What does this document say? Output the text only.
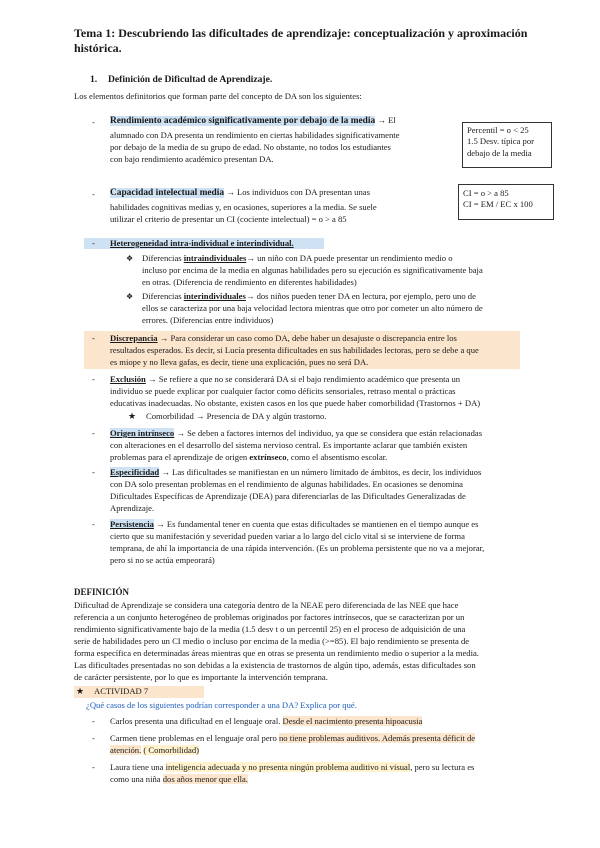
Tema 1: Descubriendo las dificultades de aprendizaje: conceptualización y aproximación
histórica.
1. Definición de Dificultad de Aprendizaje.
Los elementos definitorios que forman parte del concepto de DA son los siguientes:
- Rendimiento académico significativamente por debajo de la media → El
alumnado con DA presenta un rendimiento en ciertas habilidades significativamente
por debajo de la media de su grupo de edad. No obstante, no todos los estudiantes
con bajo rendimiento académico presentan DA.
Percentil = o < 25
1.5 Desv. típica por
debajo de la media
- Capacidad intelectual media → Los individuos con DA presentan unas
habilidades cognitivas medias y, en ocasiones, superiores a la media. Se suele
utilizar el criterio de presentar un CI (cociente intelectual) = o > a 85
CI = o > a 85
CI = EM / EC x 100
- Heterogeneidad intra-individual e interindividual.
❖ Diferencias intraindividuales→ un niño con DA puede presentar un rendimiento medio o
incluso por encima de la media en algunas habilidades pero su ejecución es significativamente baja
en otras. (Diferencia de rendimiento en diferentes habilidades)
❖ Diferencias interindividuales→ dos niños pueden tener DA en lectura, por ejemplo, pero uno de
ellos se caracteriza por una baja velocidad lectora mientras que otro por cometer un alto número de
errores. (Diferencias entre individuos)
- Discrepancia → Para considerar un caso como DA, debe haber un desajuste o discrepancia entre los
resultados esperados. Es decir, si Lucía presenta dificultades en sus habilidades lectoras, pero se debe a que
es miope y no lleva gafas, es decir, tiene una explicación, pues no será DA.
- Exclusión → Se refiere a que no se considerará DA si el bajo rendimiento académico que presenta un
individuo se puede explicar por cualquier factor como déficits sensoriales, retraso mental o prácticas
educativas inadecuadas. No obstante, existen casos en los que puede haber comorbilidad (Trastornos + DA)
★ Comorbilidad → Presencia de DA y algún trastorno.
- Origen intrínseco → Se deben a factores internos del individuo, ya que se considera que están relacionadas
con alteraciones en el desarrollo del sistema nervioso central. Es importante aclarar que también existen
problemas para el aprendizaje de origen extrínseco, como el absentismo escolar.
- Especificidad → Las dificultades se manifiestan en un número limitado de ámbitos, es decir, los individuos
con DA solo presentan problemas en el rendimiento de algunas habilidades. En ocasiones se denomina
Dificultades Específicas de Aprendizaje (DEA) para diferenciarlas de las Dificultades Generalizadas de
Aprendizaje.
- Persistencia → Es fundamental tener en cuenta que estas dificultades se mantienen en el tiempo aunque es
cierto que su manifestación y severidad pueden variar a lo largo del ciclo vital si se interviene de forma
temprana, de ahí la importancia de una rápida intervención. (Es un problema persistente que no va a mejorar,
pero si no se actúa empeorará)
DEFINICIÓN
Dificultad de Aprendizaje se considera una categoría dentro de la NEAE pero diferenciada de las NEE que hace
referencia a un conjunto heterogéneo de problemas originados por factores intrínsecos, que se caracterizan por un
rendimiento significativamente bajo de la media (1.5 desv t o un percentil 25) en el proceso de adquisición de una
serie de habilidades pero un CI medio o incluso por encima de la media (>=85). El bajo rendimiento se presenta de
forma específica en determinadas áreas mientras que en otras se presenta un rendimiento medio o superior a la media.
Las dificultades presentadas no son debidas a la existencia de trastornos de algún tipo, además, estas dificultades son
de carácter persistente, por lo que es importante la intervención temprana.
★ ACTIVIDAD 7
¿Qué casos de los siguientes podrían corresponder a una DA? Explica por qué.
- Carlos presenta una dificultad en el lenguaje oral. Desde el nacimiento presenta hipoacusia
- Carmen tiene problemas en el lenguaje oral pero no tiene problemas auditivos. Además presenta déficit de
atención. ( Comorbilidad)
- Laura tiene una inteligencia adecuada y no presenta ningún problema auditivo ni visual, pero su lectura es
como una niña dos años menor que ella.
